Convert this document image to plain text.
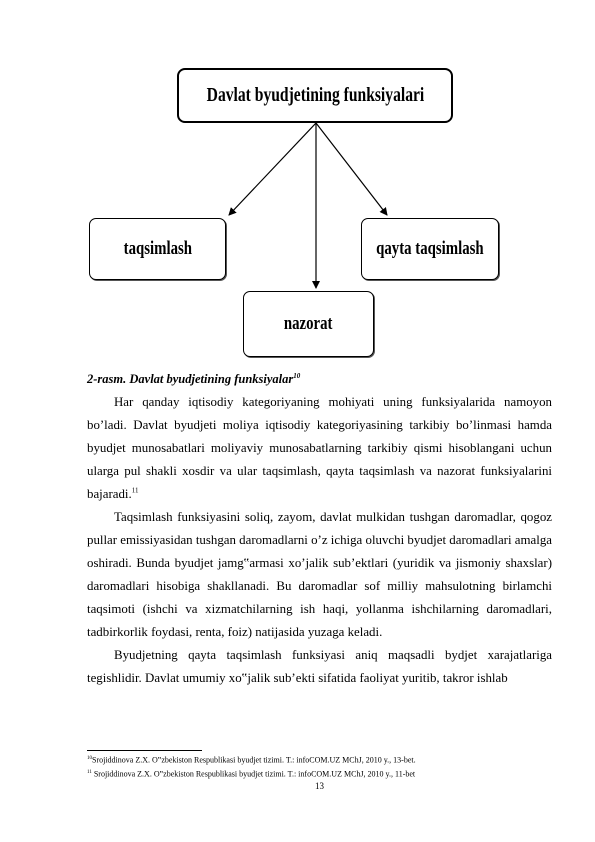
Davlat byudjetining funksiyalari
taqsimlash	qayta taqsimlash
nazorat
2-rasm. Davlat byudjetining funksiyalar$^{10}$

Har qanday iqtisodiy kategoriyaning mohiyati uning funksiyalarida namoyon bo’ladi. Davlat byudjeti moliya iqtisodiy kategoriyasining tarkibiy bo’linmasi hamda byudjet munosabatlari moliyaviy munosabatlarning tarkibiy qismi hisoblangani uchun ularga pul shakli xosdir va ular taqsimlash, qayta taqsimlash va nazorat funksiyalarini bajaradi.$^{11}$

Taqsimlash funksiyasini soliq, zayom, davlat mulkidan tushgan daromadlar, qogoz pullar emissiyasidan tushgan daromadlarni o’z ichiga oluvchi byudjet daromadlari amalga oshiradi. Bunda byudjet jamg‟armasi xo’jalik sub’ektlari (yuridik va jismoniy shaxslar) daromadlari hisobiga shakllanadi. Bu daromadlar sof milliy mahsulotning birlamchi taqsimoti (ishchi va xizmatchilarning ish haqi, yollanma ishchilarning daromadlari, tadbirkorlik foydasi, renta, foiz) natijasida yuzaga keladi.

Byudjetning qayta taqsimlash funksiyasi aniq maqsadli bydjet xarajatlariga tegishlidir. Davlat umumiy xo‟jalik sub’ekti sifatida faoliyat yuritib, takror ishlab

$^{10}$Srojiddinova Z.X. O‟zbekiston Respublikasi byudjet tizimi. T.: infoCOM.UZ MChJ, 2010 y., 13-bet.
$^{11}$ Srojiddinova Z.X. O‟zbekiston Respublikasi byudjet tizimi. T.: infoCOM.UZ MChJ, 2010 y., 11-bet
13
